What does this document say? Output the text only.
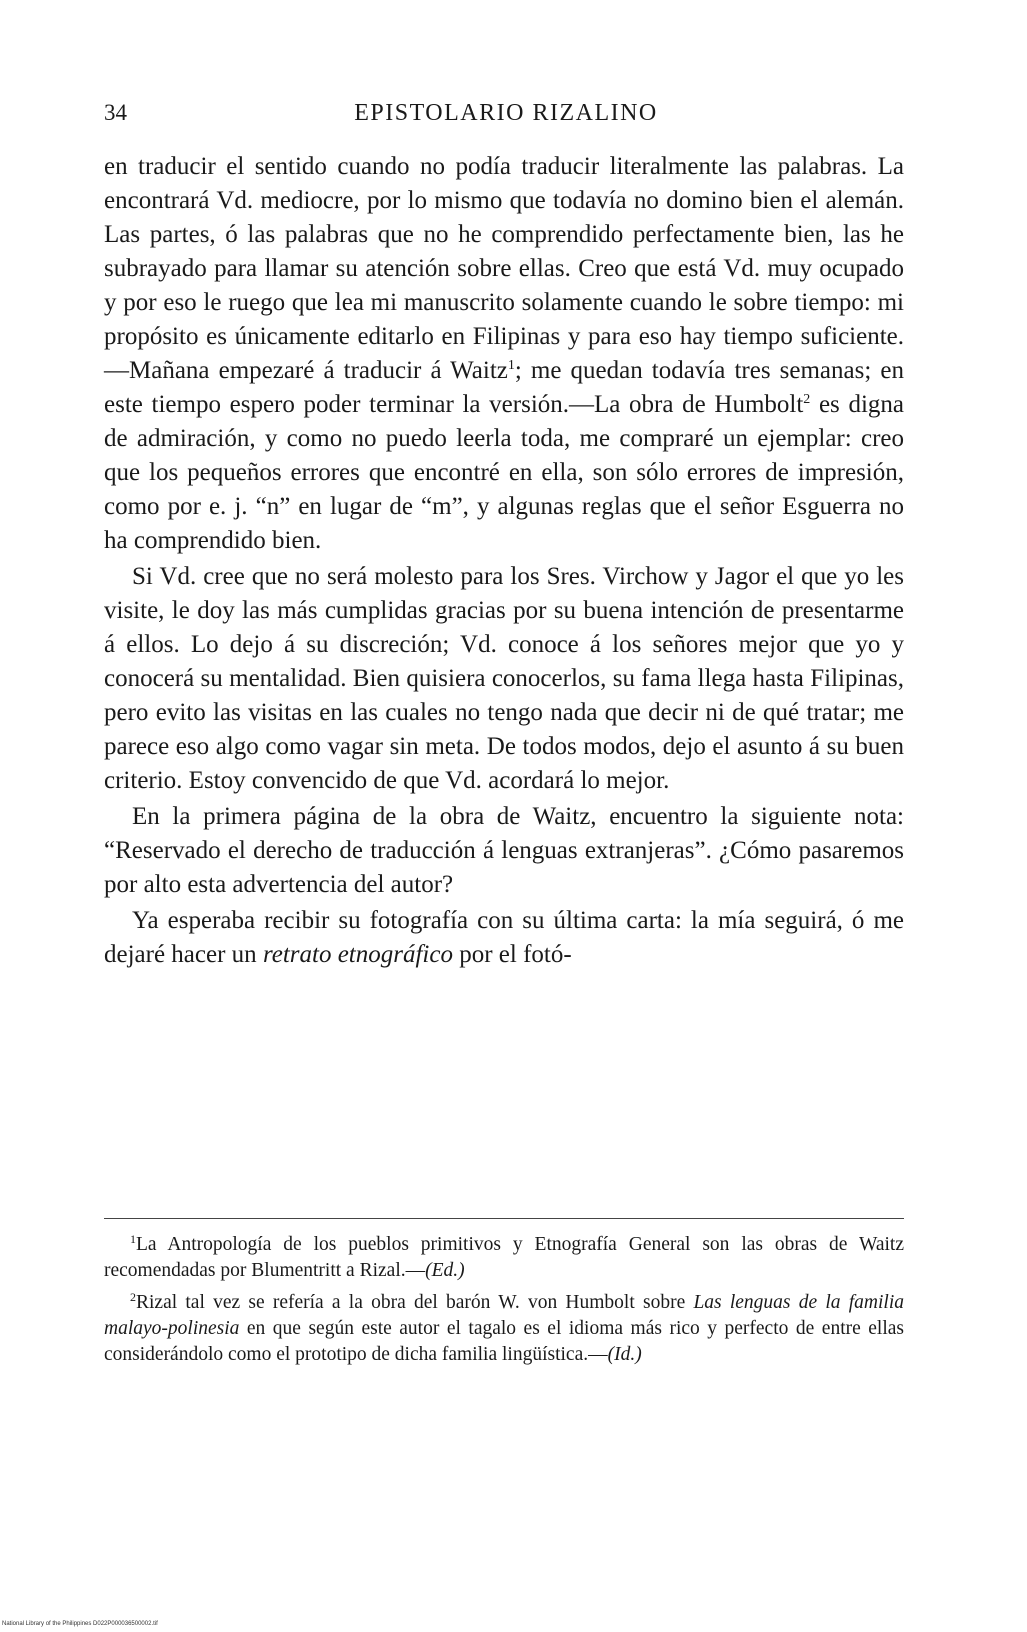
34	EPISTOLARIO RIZALINO

en traducir el sentido cuando no podía traducir literalmente las palabras. La encontrará Vd. mediocre, por lo mismo que todavía no domino bien el alemán. Las partes, ó las palabras que no he comprendido perfectamente bien, las he subrayado para llamar su atención sobre ellas. Creo que está Vd. muy ocupado y por eso le ruego que lea mi manuscrito solamente cuando le sobre tiempo: mi propósito es únicamente editarlo en Filipinas y para eso hay tiempo suficiente.—Mañana empezaré á traducir á Waitz$^1$; me quedan todavía tres semanas; en este tiempo espero poder terminar la versión.—La obra de Humbolt$^2$ es digna de admiración, y como no puedo leerla toda, me compraré un ejemplar: creo que los pequeños errores que encontré en ella, son sólo errores de impresión, como por e. j. “n” en lugar de “m”, y algunas reglas que el señor Esguerra no ha comprendido bien.

Si Vd. cree que no será molesto para los Sres. Virchow y Jagor el que yo les visite, le doy las más cumplidas gracias por su buena intención de presentarme á ellos. Lo dejo á su discreción; Vd. conoce á los señores mejor que yo y conocerá su mentalidad. Bien quisiera conocerlos, su fama llega hasta Filipinas, pero evito las visitas en las cuales no tengo nada que decir ni de qué tratar; me parece eso algo como vagar sin meta. De todos modos, dejo el asunto á su buen criterio. Estoy convencido de que Vd. acordará lo mejor.

En la primera página de la obra de Waitz, encuentro la siguiente nota: “Reservado el derecho de traducción á lenguas extranjeras”. ¿Cómo pasaremos por alto esta advertencia del autor?

Ya esperaba recibir su fotografía con su última carta: la mía seguirá, ó me dejaré hacer un retrato etnográfico por el fotó-

$^1$La Antropología de los pueblos primitivos y Etnografía General son las obras de Waitz recomendadas por Blumentritt a Rizal.—(Ed.)

$^2$Rizal tal vez se refería a la obra del barón W. von Humbolt sobre Las lenguas de la familia malayo-polinesia en que según este autor el tagalo es el idioma más rico y perfecto de entre ellas considerándolo como el prototipo de dicha familia lingüística.—(Id.)

National Library of the Philippines D022P000036500002.tif
